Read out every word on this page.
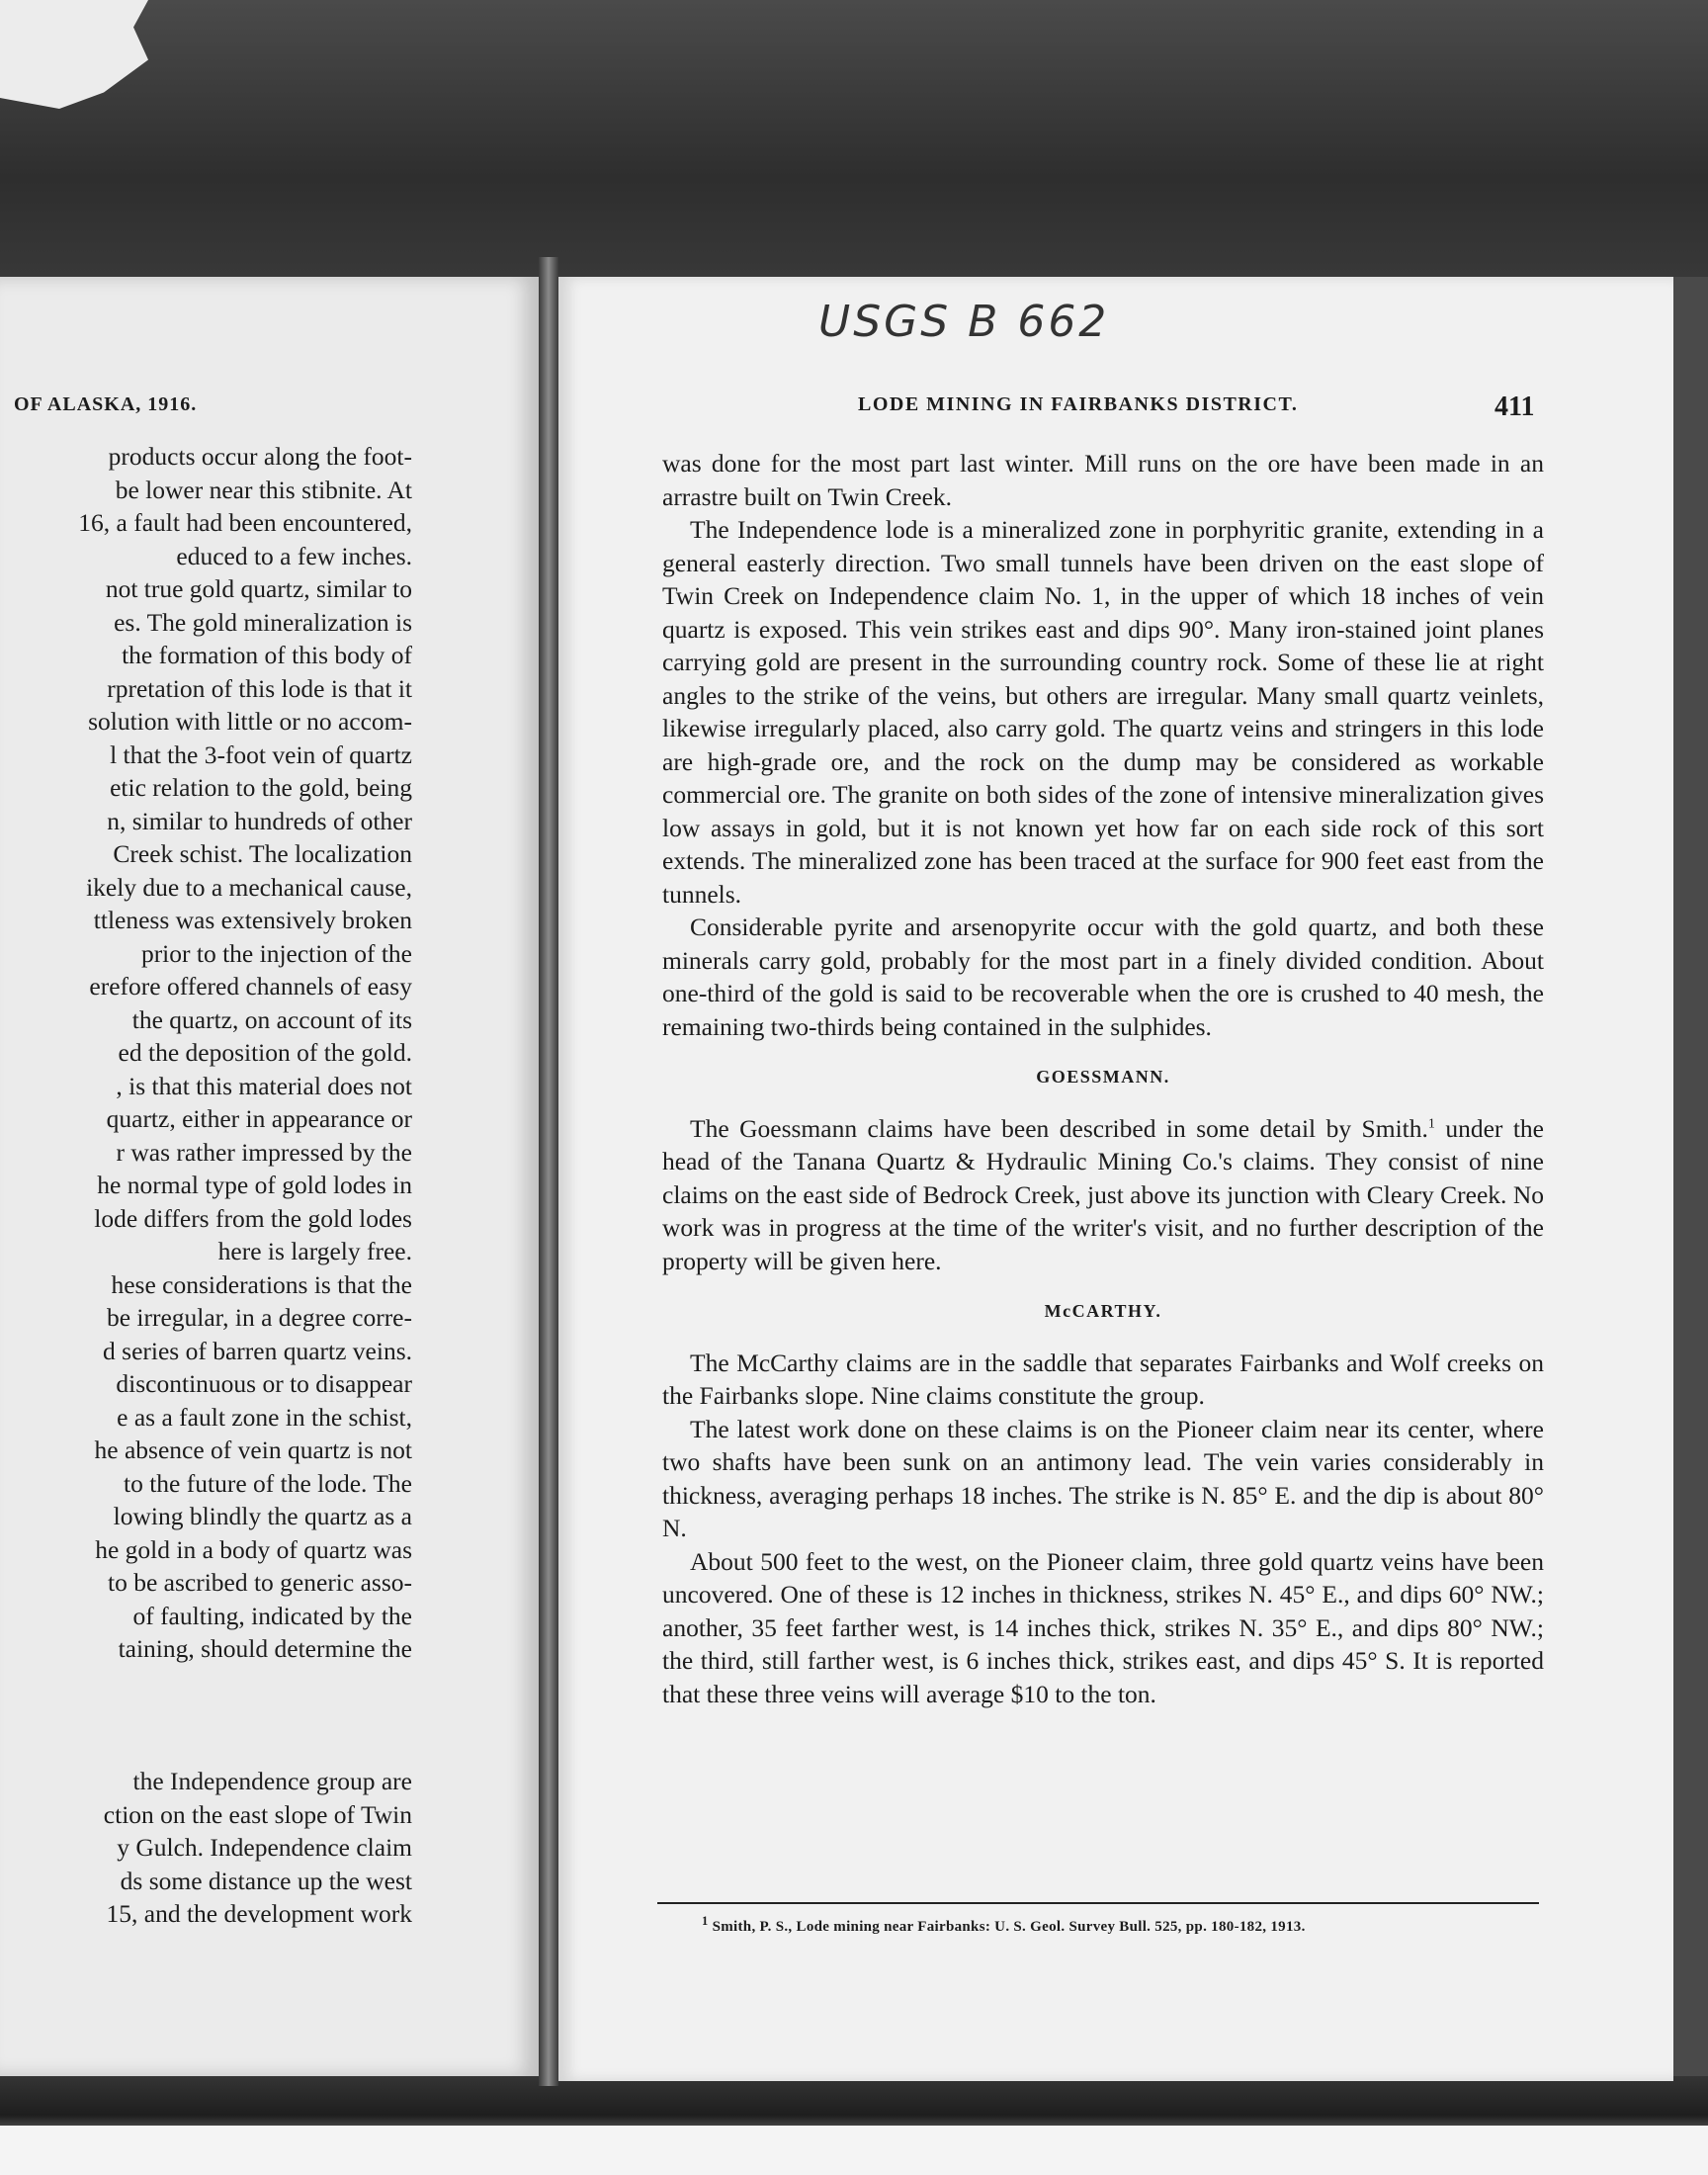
OF ALASKA, 1916.
products occur along the foot-
be lower near this stibnite. At
16, a fault had been encountered,
educed to a few inches.
not true gold quartz, similar to
es. The gold mineralization is
the formation of this body of
rpretation of this lode is that it
solution with little or no accom-
l that the 3-foot vein of quartz
etic relation to the gold, being
n, similar to hundreds of other
Creek schist. The localization
ikely due to a mechanical cause,
ttleness was extensively broken
prior to the injection of the
erefore offered channels of easy
the quartz, on account of its
ed the deposition of the gold.
, is that this material does not
quartz, either in appearance or
r was rather impressed by the
he normal type of gold lodes in
lode differs from the gold lodes
here is largely free.
hese considerations is that the
be irregular, in a degree corre-
d series of barren quartz veins.
discontinuous or to disappear
e as a fault zone in the schist,
he absence of vein quartz is not
to the future of the lode. The
lowing blindly the quartz as a
he gold in a body of quartz was
to be ascribed to generic asso-
of faulting, indicated by the
taining, should determine the
the Independence group are
ction on the east slope of Twin
y Gulch. Independence claim
ds some distance up the west
15, and the development work
USGS B 662
LODE MINING IN FAIRBANKS DISTRICT.	411

was done for the most part last winter. Mill runs on the ore have been made in an arrastre built on Twin Creek.

The Independence lode is a mineralized zone in porphyritic granite, extending in a general easterly direction. Two small tunnels have been driven on the east slope of Twin Creek on Independence claim No. 1, in the upper of which 18 inches of vein quartz is exposed. This vein strikes east and dips 90°. Many iron-stained joint planes carrying gold are present in the surrounding country rock. Some of these lie at right angles to the strike of the veins, but others are irregular. Many small quartz veinlets, likewise irregularly placed, also carry gold. The quartz veins and stringers in this lode are high-grade ore, and the rock on the dump may be considered as workable commercial ore. The granite on both sides of the zone of intensive mineralization gives low assays in gold, but it is not known yet how far on each side rock of this sort extends. The mineralized zone has been traced at the surface for 900 feet east from the tunnels.

Considerable pyrite and arsenopyrite occur with the gold quartz, and both these minerals carry gold, probably for the most part in a finely divided condition. About one-third of the gold is said to be recoverable when the ore is crushed to 40 mesh, the remaining two-thirds being contained in the sulphides.

GOESSMANN.

The Goessmann claims have been described in some detail by Smith.$^1$ under the head of the Tanana Quartz & Hydraulic Mining Co.'s claims. They consist of nine claims on the east side of Bedrock Creek, just above its junction with Cleary Creek. No work was in progress at the time of the writer's visit, and no further description of the property will be given here.

McCARTHY.

The McCarthy claims are in the saddle that separates Fairbanks and Wolf creeks on the Fairbanks slope. Nine claims constitute the group.

The latest work done on these claims is on the Pioneer claim near its center, where two shafts have been sunk on an antimony lead. The vein varies considerably in thickness, averaging perhaps 18 inches. The strike is N. 85° E. and the dip is about 80° N.

About 500 feet to the west, on the Pioneer claim, three gold quartz veins have been uncovered. One of these is 12 inches in thickness, strikes N. 45° E., and dips 60° NW.; another, 35 feet farther west, is 14 inches thick, strikes N. 35° E., and dips 80° NW.; the third, still farther west, is 6 inches thick, strikes east, and dips 45° S. It is reported that these three veins will average $10 to the ton.

$^1$ Smith, P. S., Lode mining near Fairbanks: U. S. Geol. Survey Bull. 525, pp. 180-182, 1913.
